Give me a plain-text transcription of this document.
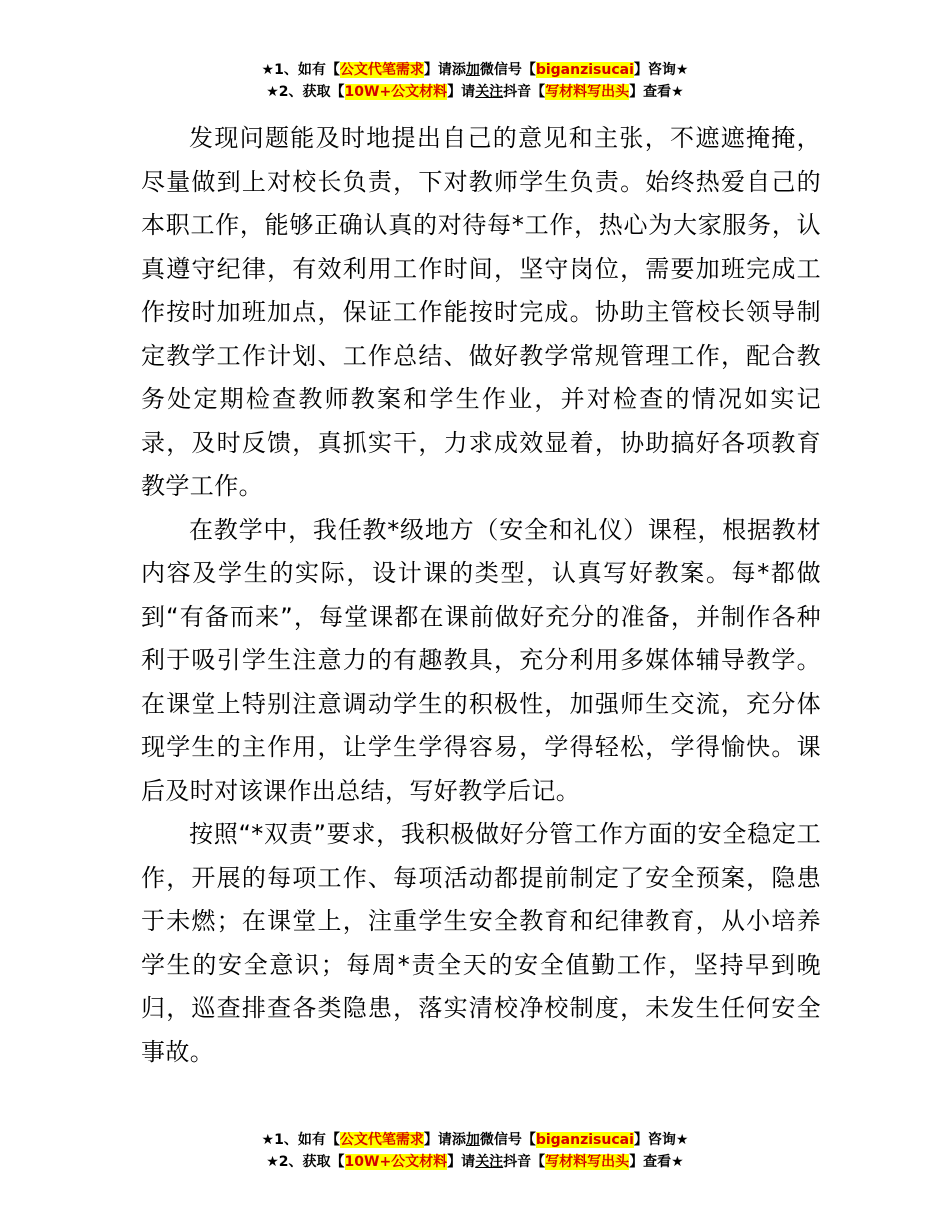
★1、如有【公文代笔需求】请添加微信号【biganzisucai】咨询★
★2、获取【10W+公文材料】请关注抖音【写材料写出头】查看★

发现问题能及时地提出自己的意见和主张，不遮遮掩掩，尽量做到上对校长负责，下对教师学生负责。始终热爱自己的本职工作，能够正确认真的对待每*工作，热心为大家服务，认真遵守纪律，有效利用工作时间，坚守岗位，需要加班完成工作按时加班加点，保证工作能按时完成。协助主管校长领导制定教学工作计划、工作总结、做好教学常规管理工作，配合教务处定期检查教师教案和学生作业，并对检查的情况如实记录，及时反馈，真抓实干，力求成效显着，协助搞好各项教育教学工作。

在教学中，我任教*级地方（安全和礼仪）课程，根据教材内容及学生的实际，设计课的类型，认真写好教案。每*都做到“有备而来”，每堂课都在课前做好充分的准备，并制作各种利于吸引学生注意力的有趣教具，充分利用多媒体辅导教学。在课堂上特别注意调动学生的积极性，加强师生交流，充分体现学生的主作用，让学生学得容易，学得轻松，学得愉快。课后及时对该课作出总结，写好教学后记。

按照“*双责”要求，我积极做好分管工作方面的安全稳定工作，开展的每项工作、每项活动都提前制定了安全预案，隐患于未燃；在课堂上，注重学生安全教育和纪律教育，从小培养学生的安全意识；每周*责全天的安全值勤工作，坚持早到晚归，巡查排查各类隐患，落实清校净校制度，未发生任何安全事故。

★1、如有【公文代笔需求】请添加微信号【biganzisucai】咨询★
★2、获取【10W+公文材料】请关注抖音【写材料写出头】查看★
